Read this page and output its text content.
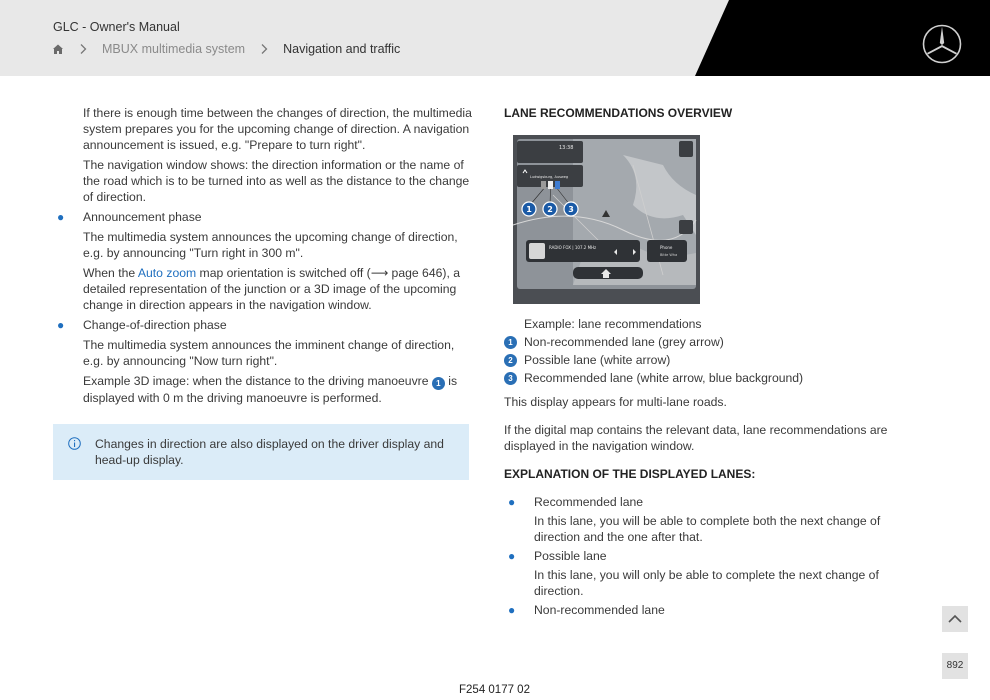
GLC - Owner's Manual
MBUX multimedia system	Navigation and traffic
If there is enough time between the changes of direction, the multimedia system prepares you for the upcoming change of direction. A navigation announcement is issued, e.g. "Prepare to turn right".
The navigation window shows: the direction information or the name of the road which is to be turned into as well as the distance to the change of direction.
● Announcement phase
The multimedia system announces the upcoming change of direction, e.g. by announcing "Turn right in 300 m".
When the Auto zoom map orientation is switched off (⟶ page 646), a detailed representation of the junction or a 3D image of the upcoming change in direction appears in the navigation window.
● Change-of-direction phase
The multimedia system announces the imminent change of direction, e.g. by announcing "Now turn right".
Example 3D image: when the distance to the driving manoeuvre 1 is displayed with 0 m the driving manoeuvre is performed.
Changes in direction are also displayed on the driver display and head-up display.
LANE RECOMMENDATIONS OVERVIEW
13:38
Ludwigsburg, Ausweg
RADIO FOX | 107.2 MHz	Phone
Bitte Wha
1 2 3
Example: lane recommendations
1 Non-recommended lane (grey arrow)
2 Possible lane (white arrow)
3 Recommended lane (white arrow, blue background)
This display appears for multi-lane roads.
If the digital map contains the relevant data, lane recommendations are displayed in the navigation window.
EXPLANATION OF THE DISPLAYED LANES:
● Recommended lane
In this lane, you will be able to complete both the next change of direction and the one after that.
● Possible lane
In this lane, you will only be able to complete the next change of direction.
● Non-recommended lane
892
F254 0177 02
